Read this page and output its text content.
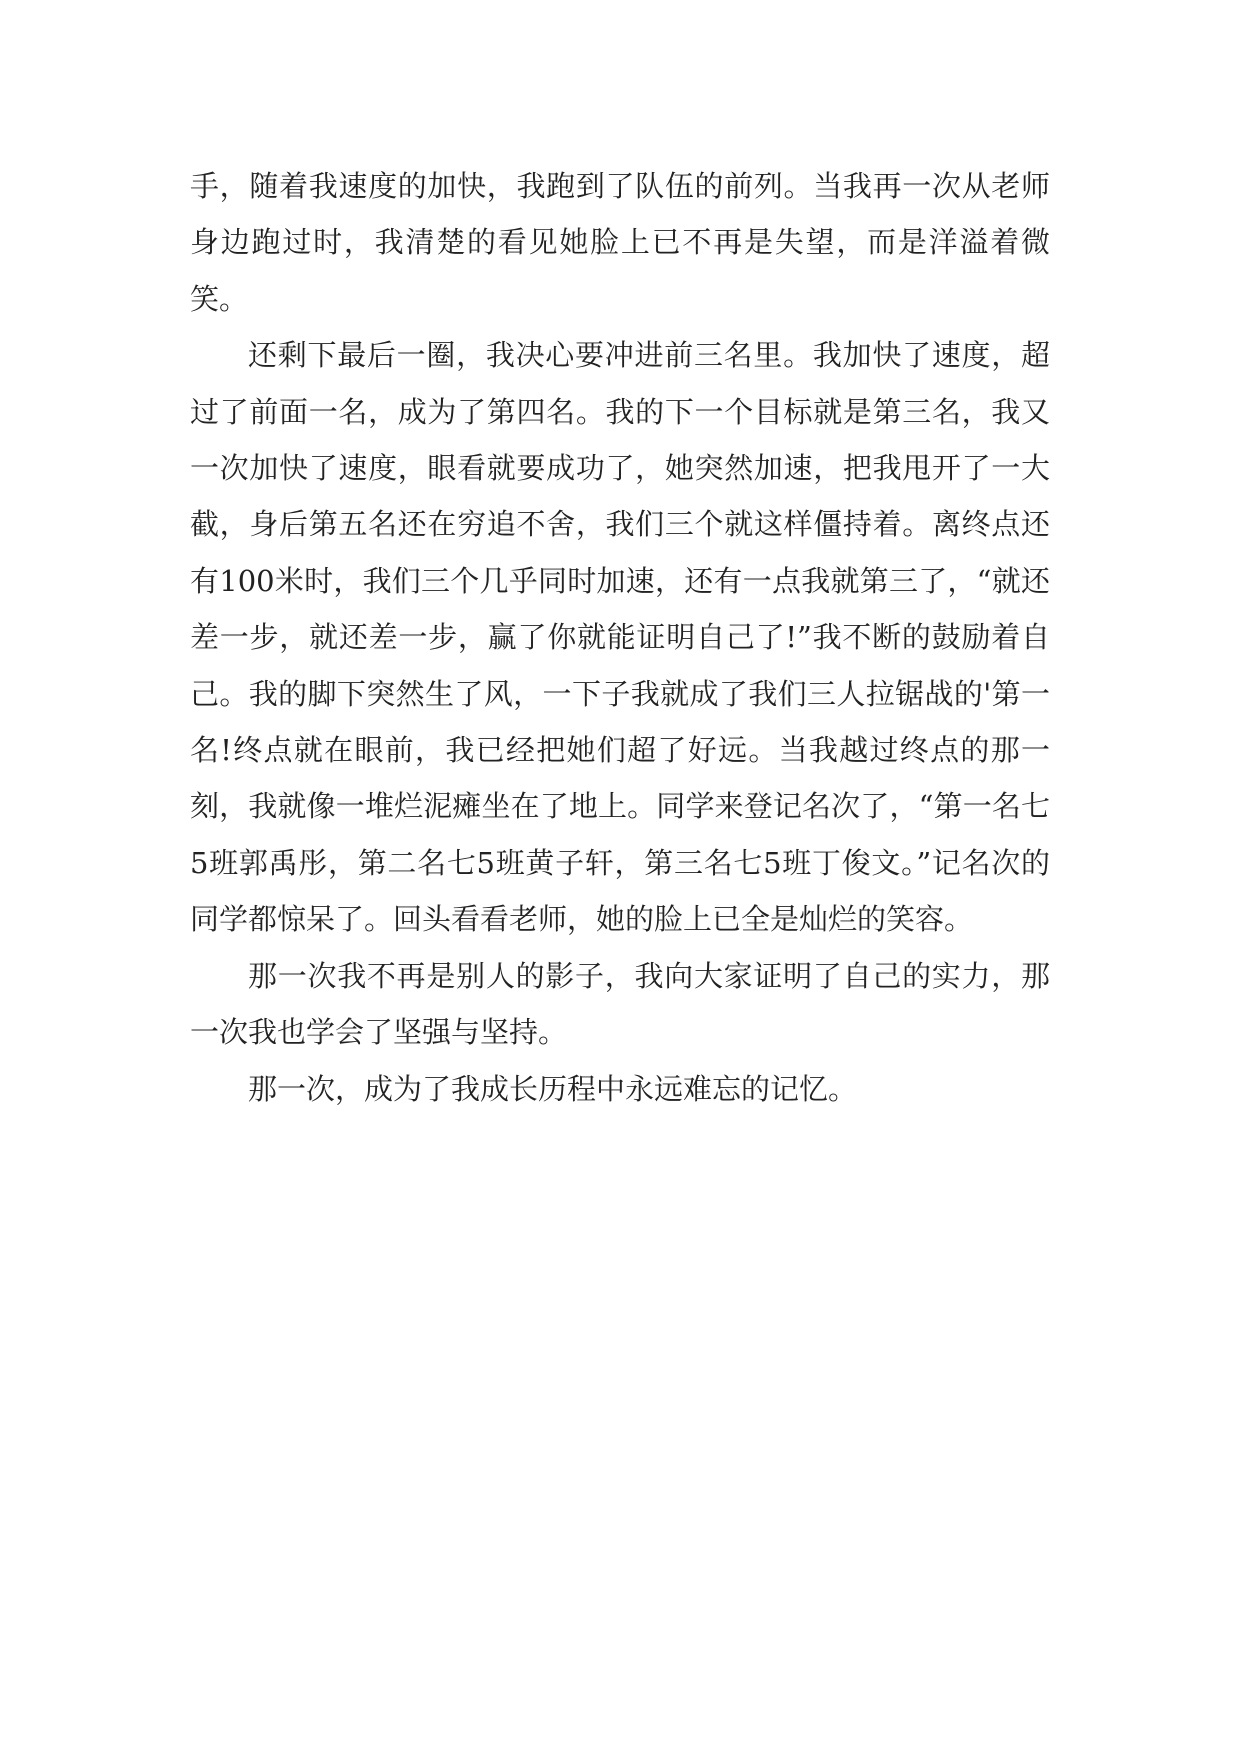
手，随着我速度的加快，我跑到了队伍的前列。当我再一次从老师身边跑过时，我清楚的看见她脸上已不再是失望，而是洋溢着微笑。

还剩下最后一圈，我决心要冲进前三名里。我加快了速度，超过了前面一名，成为了第四名。我的下一个目标就是第三名，我又一次加快了速度，眼看就要成功了，她突然加速，把我甩开了一大截，身后第五名还在穷追不舍，我们三个就这样僵持着。离终点还有100米时，我们三个几乎同时加速，还有一点我就第三了，“就还差一步，就还差一步，赢了你就能证明自己了!”我不断的鼓励着自己。我的脚下突然生了风，一下子我就成了我们三人拉锯战的'第一名!终点就在眼前，我已经把她们超了好远。当我越过终点的那一刻，我就像一堆烂泥瘫坐在了地上。同学来登记名次了，“第一名七5班郭禹彤，第二名七5班黄子轩，第三名七5班丁俊文。”记名次的同学都惊呆了。回头看看老师，她的脸上已全是灿烂的笑容。

那一次我不再是别人的影子，我向大家证明了自己的实力，那一次我也学会了坚强与坚持。

那一次，成为了我成长历程中永远难忘的记忆。
